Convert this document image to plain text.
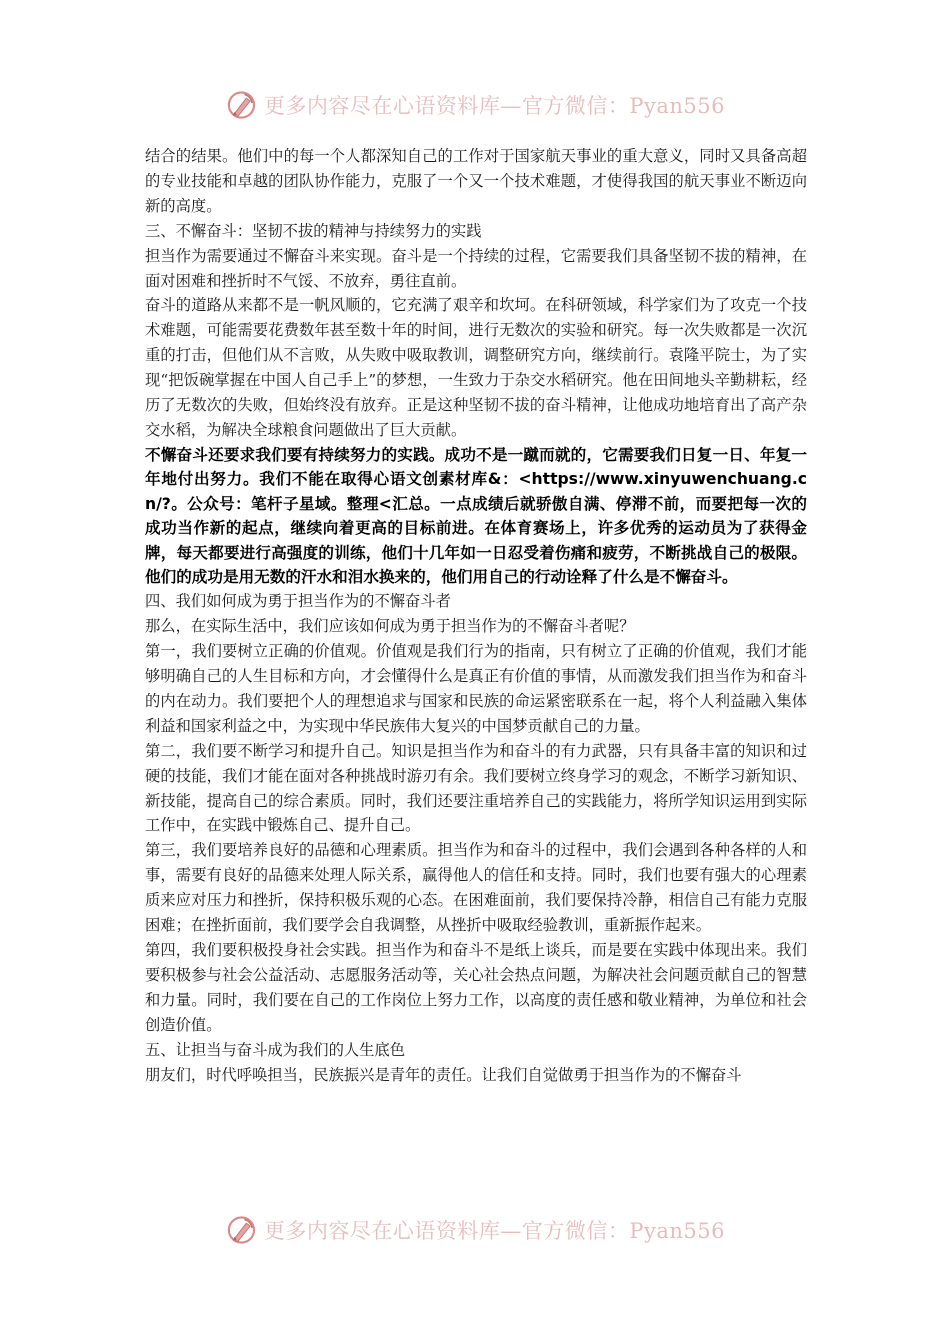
更多内容尽在心语资料库—官方微信：Pyan556

结合的结果。他们中的每一个人都深知自己的工作对于国家航天事业的重大意义，同时又具备高超的专业技能和卓越的团队协作能力，克服了一个又一个技术难题，才使得我国的航天事业不断迈向新的高度。

三、不懈奋斗：坚韧不拔的精神与持续努力的实践

担当作为需要通过不懈奋斗来实现。奋斗是一个持续的过程，它需要我们具备坚韧不拔的精神，在面对困难和挫折时不气馁、不放弃，勇往直前。

奋斗的道路从来都不是一帆风顺的，它充满了艰辛和坎坷。在科研领域，科学家们为了攻克一个技术难题，可能需要花费数年甚至数十年的时间，进行无数次的实验和研究。每一次失败都是一次沉重的打击，但他们从不言败，从失败中吸取教训，调整研究方向，继续前行。袁隆平院士，为了实现“把饭碗掌握在中国人自己手上”的梦想，一生致力于杂交水稻研究。他在田间地头辛勤耕耘，经历了无数次的失败，但始终没有放弃。正是这种坚韧不拔的奋斗精神，让他成功地培育出了高产杂交水稻，为解决全球粮食问题做出了巨大贡献。

不懈奋斗还要求我们要有持续努力的实践。成功不是一蹴而就的，它需要我们日复一日、年复一年地付出努力。我们不能在取得心语文创素材库&：<https://www.xinyuwenchuang.cn/?。公众号：笔杆子星域。整理<汇总。一点成绩后就骄傲自满、停滞不前，而要把每一次的成功当作新的起点，继续向着更高的目标前进。在体育赛场上，许多优秀的运动员为了获得金牌，每天都要进行高强度的训练，他们十几年如一日忍受着伤痛和疲劳，不断挑战自己的极限。他们的成功是用无数的汗水和泪水换来的，他们用自己的行动诠释了什么是不懈奋斗。

四、我们如何成为勇于担当作为的不懈奋斗者

那么，在实际生活中，我们应该如何成为勇于担当作为的不懈奋斗者呢？

第一，我们要树立正确的价值观。价值观是我们行为的指南，只有树立了正确的价值观，我们才能够明确自己的人生目标和方向，才会懂得什么是真正有价值的事情，从而激发我们担当作为和奋斗的内在动力。我们要把个人的理想追求与国家和民族的命运紧密联系在一起，将个人利益融入集体利益和国家利益之中，为实现中华民族伟大复兴的中国梦贡献自己的力量。

第二，我们要不断学习和提升自己。知识是担当作为和奋斗的有力武器，只有具备丰富的知识和过硬的技能，我们才能在面对各种挑战时游刃有余。我们要树立终身学习的观念，不断学习新知识、新技能，提高自己的综合素质。同时，我们还要注重培养自己的实践能力，将所学知识运用到实际工作中，在实践中锻炼自己、提升自己。

第三，我们要培养良好的品德和心理素质。担当作为和奋斗的过程中，我们会遇到各种各样的人和事，需要有良好的品德来处理人际关系，赢得他人的信任和支持。同时，我们也要有强大的心理素质来应对压力和挫折，保持积极乐观的心态。在困难面前，我们要保持冷静，相信自己有能力克服困难；在挫折面前，我们要学会自我调整，从挫折中吸取经验教训，重新振作起来。

第四，我们要积极投身社会实践。担当作为和奋斗不是纸上谈兵，而是要在实践中体现出来。我们要积极参与社会公益活动、志愿服务活动等，关心社会热点问题，为解决社会问题贡献自己的智慧和力量。同时，我们要在自己的工作岗位上努力工作，以高度的责任感和敬业精神，为单位和社会创造价值。

五、让担当与奋斗成为我们的人生底色

朋友们，时代呼唤担当，民族振兴是青年的责任。让我们自觉做勇于担当作为的不懈奋斗

更多内容尽在心语资料库—官方微信：Pyan556
